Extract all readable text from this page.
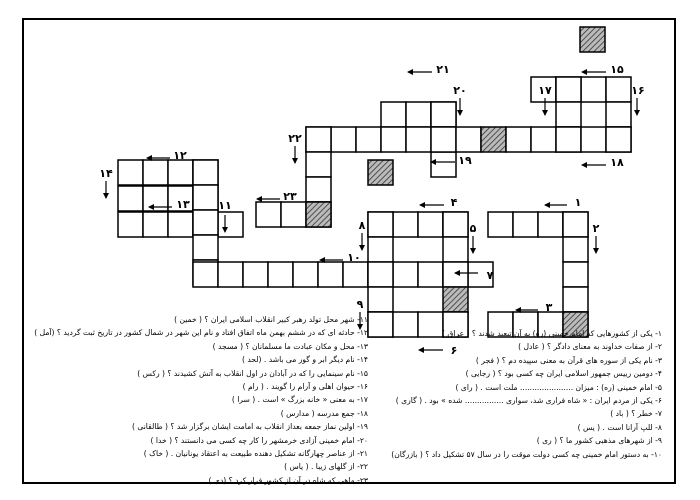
۱
۲
۳
۴
۵
۶
۷
۸
۹
۱۰
۱۱
۱۲
۱۳
۱۴
۱۵
۱۶
۱۷
۱۸
۱۹
۲۰
۲۱
۲۲
۲۳
۱۱- شهر محل تولد رهبر کبیر انقلاب اسلامی ایران ؟ ( خمین )
۱۲- حادثه ای که در ششم بهمن ماه اتفاق افتاد و نام این شهر در شمال کشور در تاریخ ثبت گردید ؟ (آمل )
۱۳- محل و مکان عبادت ما مسلمانان ؟ ( مسجد )
۱۴- نام دیگر ابر و گور می باشد . (لحد )
۱۵- نام سینمایی را که در آبادان در اول انقلاب به آتش کشیدند ؟ ( رکس )
۱۶- حیوان اهلی و آرام را گویند . ( رام )
۱۷- به معنی « خانه بزرگ » است . ( سرا )
۱۸- جمع مدرسه ( مدارس )
۱۹- اولین نماز جمعه بعداز انقلاب به امامت ایشان برگزار شد ؟ ( طالقانی )
۲۰- امام خمینی آزادی خرمشهر را کار چه کسی می دانستند ؟ ( خدا )
۲۱- از عناصر چهارگانه تشکیل دهنده طبیعت به اعتقاد یونانیان . ( خاک )
۲۲- از گلهای زیبا . ( یاس )
۲۳- ماهی که شاه در آن از کشور فرار کرد ؟ (دی )
۱- یکی از کشورهایی که امام خمینی (ره) به آن تبعید شدند ؟ ( عراق )
۲- از صفات خداوند به معنای دادگر ؟ ( عادل )
۳- نام یکی از سوره های قرآن به معنی سپیده دم ؟ ( فجر )
۴- دومین رییس جمهور اسلامی ایران چه کسی بود ؟ ( رجایی )
۵- امام خمینی (ره) : میزان ...................... ملت است . ( رای )
۶- یکی از مردم ایران : « شاه فراری شد، سواری ................ شده » بود . ( گاری )
۷- خطر ؟ ( باد )
۸- للپ آرانا است . ( یس )
۹- از شهرهای مذهبی کشور ما ؟ ( ری )
۱۰- به دستور امام خمینی چه کسی دولت موقت را در سال ۵۷ تشکیل داد ؟ ( بازرگان)
